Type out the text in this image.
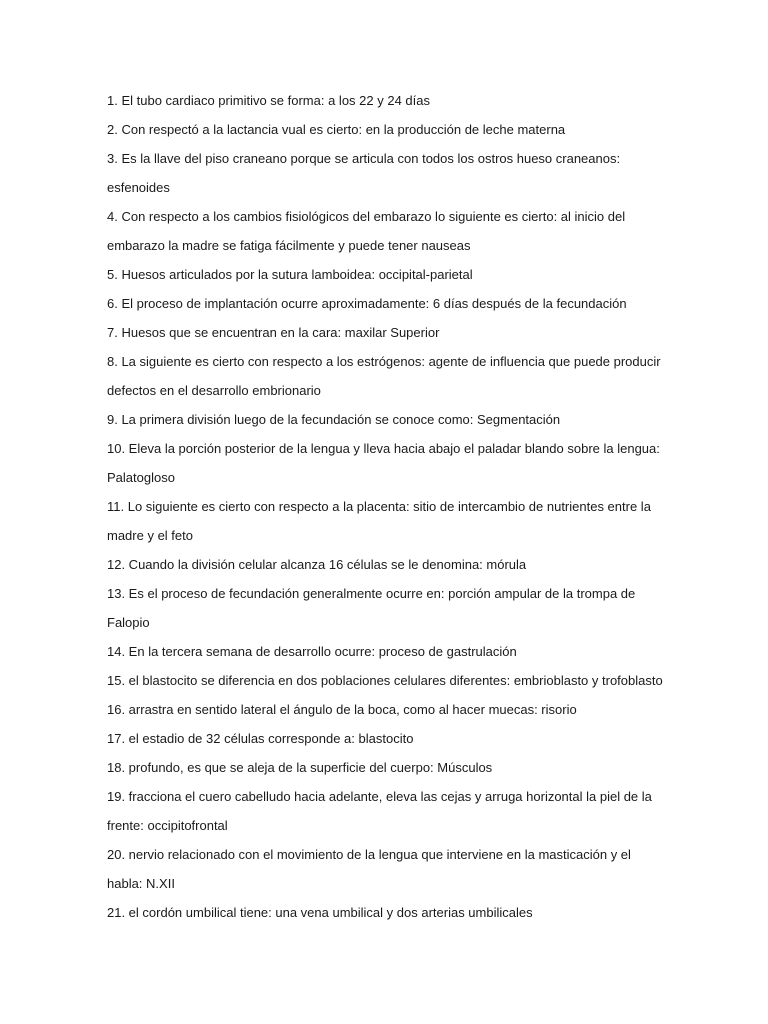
1. El tubo cardiaco primitivo se forma: a los 22 y 24 días

2. Con respectó a la lactancia vual es cierto: en la producción de leche materna

3. Es la llave del piso craneano porque se articula con todos los ostros hueso craneanos: esfenoides

4. Con respecto a los cambios fisiológicos del embarazo lo siguiente es cierto: al inicio del embarazo la madre se fatiga fácilmente y puede tener nauseas

5. Huesos articulados por la sutura lamboidea: occipital-parietal

6. El proceso de implantación ocurre aproximadamente: 6 días después de la fecundación

7. Huesos que se encuentran en la cara: maxilar Superior

8. La siguiente es cierto con respecto a los estrógenos: agente de influencia que puede producir defectos en el desarrollo embrionario

9. La primera división luego de la fecundación se conoce como: Segmentación

10. Eleva la porción posterior de la lengua y lleva hacia abajo el paladar blando sobre la lengua: Palatogloso

11. Lo siguiente es cierto con respecto a la placenta: sitio de intercambio de nutrientes entre la madre y el feto

12. Cuando la división celular alcanza 16 células se le denomina: mórula

13. Es el proceso de fecundación generalmente ocurre en: porción ampular de la trompa de Falopio

14. En la tercera semana de desarrollo ocurre: proceso de gastrulación

15. el blastocito se diferencia en dos poblaciones celulares diferentes: embrioblasto y trofoblasto

16. arrastra en sentido lateral el ángulo de la boca, como al hacer muecas: risorio

17. el estadio de 32 células corresponde a: blastocito

18. profundo, es que se aleja de la superficie del cuerpo: Músculos

19. fracciona el cuero cabelludo hacia adelante, eleva las cejas y arruga horizontal la piel de la frente: occipitofrontal

20. nervio relacionado con el movimiento de la lengua que interviene en la masticación y el habla: N.XII

21. el cordón umbilical tiene: una vena umbilical y dos arterias umbilicales
